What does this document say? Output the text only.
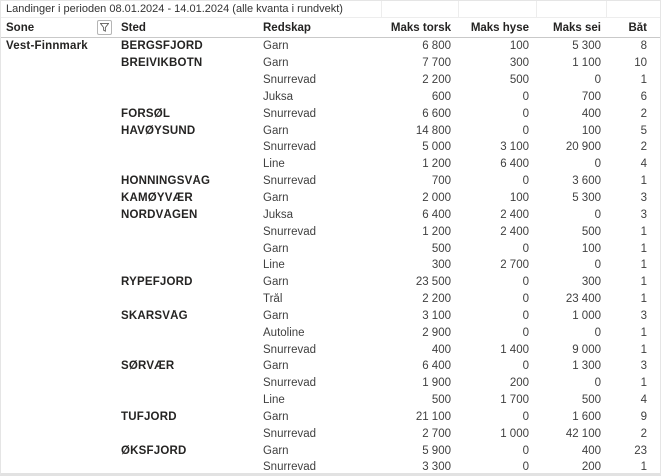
Landinger i perioden 08.01.2024 - 14.01.2024 (alle kvanta i rundvekt)
Sone	Sted	Redskap	Maks torsk	Maks hyse	Maks sei	Båt
Vest-Finnmark	BERGSFJORD	Garn	6 800	100	5 300	8
BREIVIKBOTN	Garn	7 700	300	1 100	10
Snurrevad	2 200	500	0	1
Juksa	600	0	700	6
FORSØL	Snurrevad	6 600	0	400	2
HAVØYSUND	Garn	14 800	0	100	5
Snurrevad	5 000	3 100	20 900	2
Line	1 200	6 400	0	4
HONNINGSVÅG	Snurrevad	700	0	3 600	1
KAMØYVÆR	Garn	2 000	100	5 300	3
NORDVÅGEN	Juksa	6 400	2 400	0	3
Snurrevad	1 200	2 400	500	1
Garn	500	0	100	1
Line	300	2 700	0	1
RYPEFJORD	Garn	23 500	0	300	1
Trål	2 200	0	23 400	1
SKARSVÅG	Garn	3 100	0	1 000	3
Autoline	2 900	0	0	1
Snurrevad	400	1 400	9 000	1
SØRVÆR	Garn	6 400	0	1 300	3
Snurrevad	1 900	200	0	1
Line	500	1 700	500	4
TUFJORD	Garn	21 100	0	1 600	9
Snurrevad	2 700	1 000	42 100	2
ØKSFJORD	Garn	5 900	0	400	23
Snurrevad	3 300	0	200	1
